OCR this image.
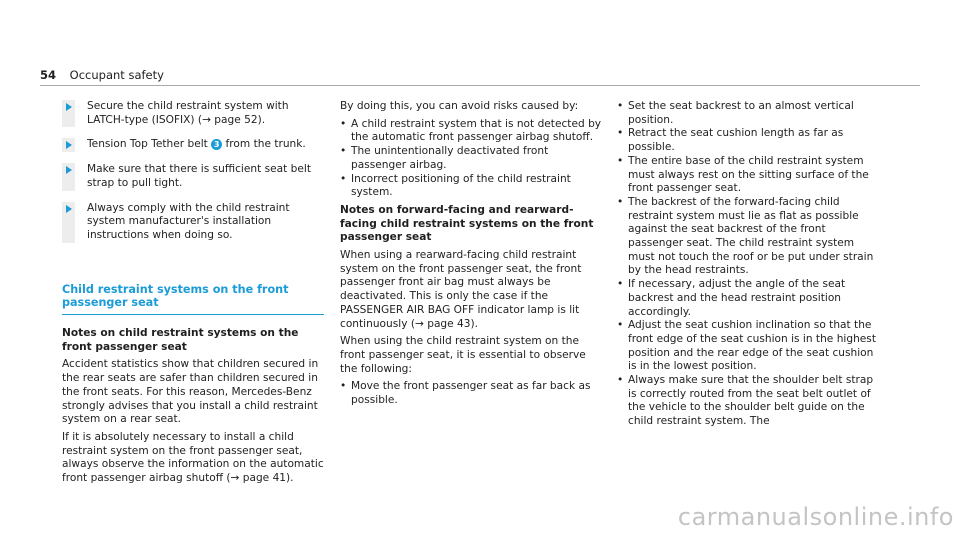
54 Occupant safety

Secure the child restraint system with LATCH-type (ISOFIX) (→ page 52).

Tension Top Tether belt 3 from the trunk.

Make sure that there is sufficient seat belt strap to pull tight.

Always comply with the child restraint system manufacturer's installation instructions when doing so.

Child restraint systems on the front passenger seat

Notes on child restraint systems on the front passenger seat

Accident statistics show that children secured in the rear seats are safer than children secured in the front seats. For this reason, Mercedes-Benz strongly advises that you install a child restraint system on a rear seat.

If it is absolutely necessary to install a child restraint system on the front passenger seat, always observe the information on the automatic front passenger airbag shutoff (→ page 41).

By doing this, you can avoid risks caused by:

• A child restraint system that is not detected by the automatic front passenger airbag shutoff.
• The unintentionally deactivated front passenger airbag.
• Incorrect positioning of the child restraint system.

Notes on forward-facing and rearward-facing child restraint systems on the front passenger seat

When using a rearward-facing child restraint system on the front passenger seat, the front passenger front air bag must always be deactivated. This is only the case if the PASSENGER AIR BAG OFF indicator lamp is lit continuously (→ page 43).

When using the child restraint system on the front passenger seat, it is essential to observe the following:

• Move the front passenger seat as far back as possible.
• Set the seat backrest to an almost vertical position.
• Retract the seat cushion length as far as possible.
• The entire base of the child restraint system must always rest on the sitting surface of the front passenger seat.
• The backrest of the forward-facing child restraint system must lie as flat as possible against the seat backrest of the front passenger seat. The child restraint system must not touch the roof or be put under strain by the head restraints.
• If necessary, adjust the angle of the seat backrest and the head restraint position accordingly.
• Adjust the seat cushion inclination so that the front edge of the seat cushion is in the highest position and the rear edge of the seat cushion is in the lowest position.
• Always make sure that the shoulder belt strap is correctly routed from the seat belt outlet of the vehicle to the shoulder belt guide on the child restraint system. The
carmanualsonline.info
